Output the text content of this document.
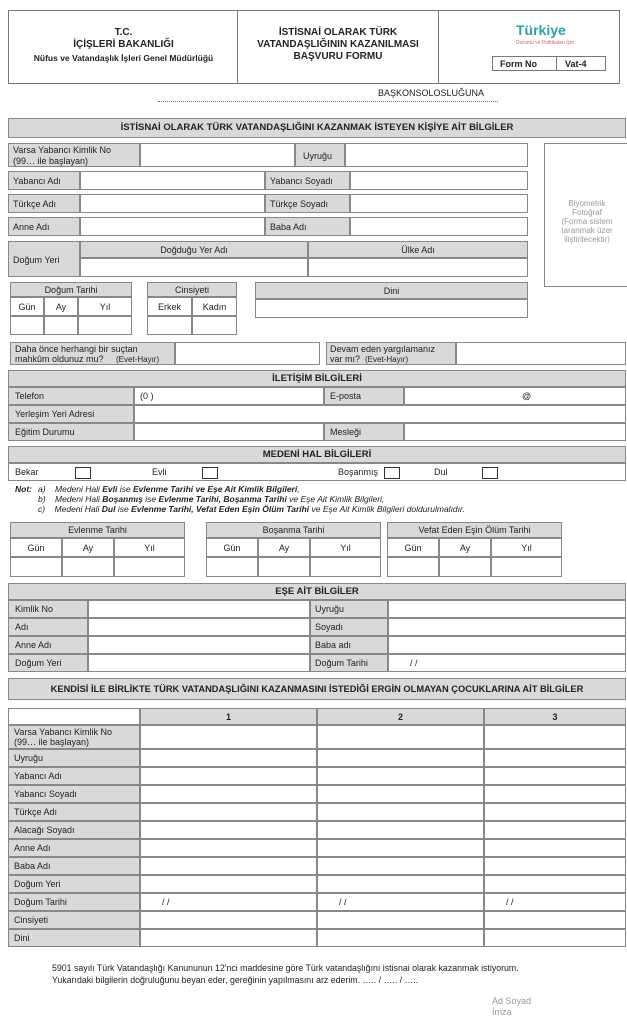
T.C.
İÇİŞLERİ BAKANLIĞI
Nüfus ve Vatandaşlık İşleri Genel Müdürlüğü
İSTİSNAİ OLARAK TÜRK
VATANDAŞLIĞININ KAZANILMASI
BAŞVURU FORMU
Türkiye
Durumu ve Politikaları İçin
Form No	Vat-4
BAŞKONSOLOSLUĞUNA
İSTİSNAİ OLARAK TÜRK VATANDAŞLIĞINI KAZANMAK İSTEYEN KİŞİYE AİT BİLGİLER
Varsa Yabancı Kimlik No
(99… ile başlayan)	Uyruğu
Biyometrik
Fotoğraf
(Forma sistem
taranmak üzer
iliştirilecektir)
Yabancı Adı	Yabancı Soyadı
Türkçe Adı	Türkçe Soyadı
Anne Adı	Baba Adı
Doğum Yeri
Doğduğu Yer Adı	Ülke Adı
Doğum Tarihi
Gün	Ay	Yıl
Cinsiyeti
Erkek	Kadın
Dini
Daha önce herhangi bir suçtan
mahkûm oldunuz mu? (Evet-Hayır)
Devam eden yargılamanız
var mı? (Evet-Hayır)
İLETİŞİM BİLGİLERİ
Telefon	(0 )	E-posta	@
Yerleşim Yeri Adresi
Eğitim Durumu	Mesleği
MEDENİ HAL BİLGİLERİ
Bekar	Evli	Boşanmış	Dul
Not: a) Medeni Hali Evli ise Evlenme Tarihi ve Eşe Ait Kimlik Bilgileri,
b) Medeni Hali Boşanmış ise Evlenme Tarihi, Boşanma Tarihi ve Eşe Ait Kimlik Bilgileri,
c) Medeni Hali Dul ise Evlenme Tarihi, Vefat Eden Eşin Ölüm Tarihi ve Eşe Ait Kimlik Bilgileri doldurulmalıdır.
Evlenme Tarihi
Gün	Ay	Yıl
Boşanma Tarihi
Gün	Ay	Yıl
Vefat Eden Eşin Ölüm Tarihi
Gün	Ay	Yıl
EŞE AİT BİLGİLER
Kimlik No	Uyruğu
Adı	Soyadı
Anne Adı	Baba adı
Doğum Yeri	Doğum Tarihi	/ /
KENDİSİ İLE BİRLİKTE TÜRK VATANDAŞLIĞINI KAZANMASINI İSTEDİĞİ ERGİN OLMAYAN ÇOCUKLARINA AİT BİLGİLER
1	2	3
Varsa Yabancı Kimlik No
(99… ile başlayan)
Uyruğu
Yabancı Adı
Yabancı Soyadı
Türkçe Adı
Alacağı Soyadı
Anne Adı
Baba Adı
Doğum Yeri
Doğum Tarihi	/ /	/ /	/ /
Cinsiyeti
Dini
5901 sayılı Türk Vatandaşlığı Kanununun 12'nci maddesine göre Türk vatandaşlığını istisnai olarak kazanmak istiyorum.
Yukarıdaki bilgilerin doğruluğunu beyan eder, gereğinin yapılmasını arz ederim. ….. / ….. / …..
Ad Soyad
İmza
